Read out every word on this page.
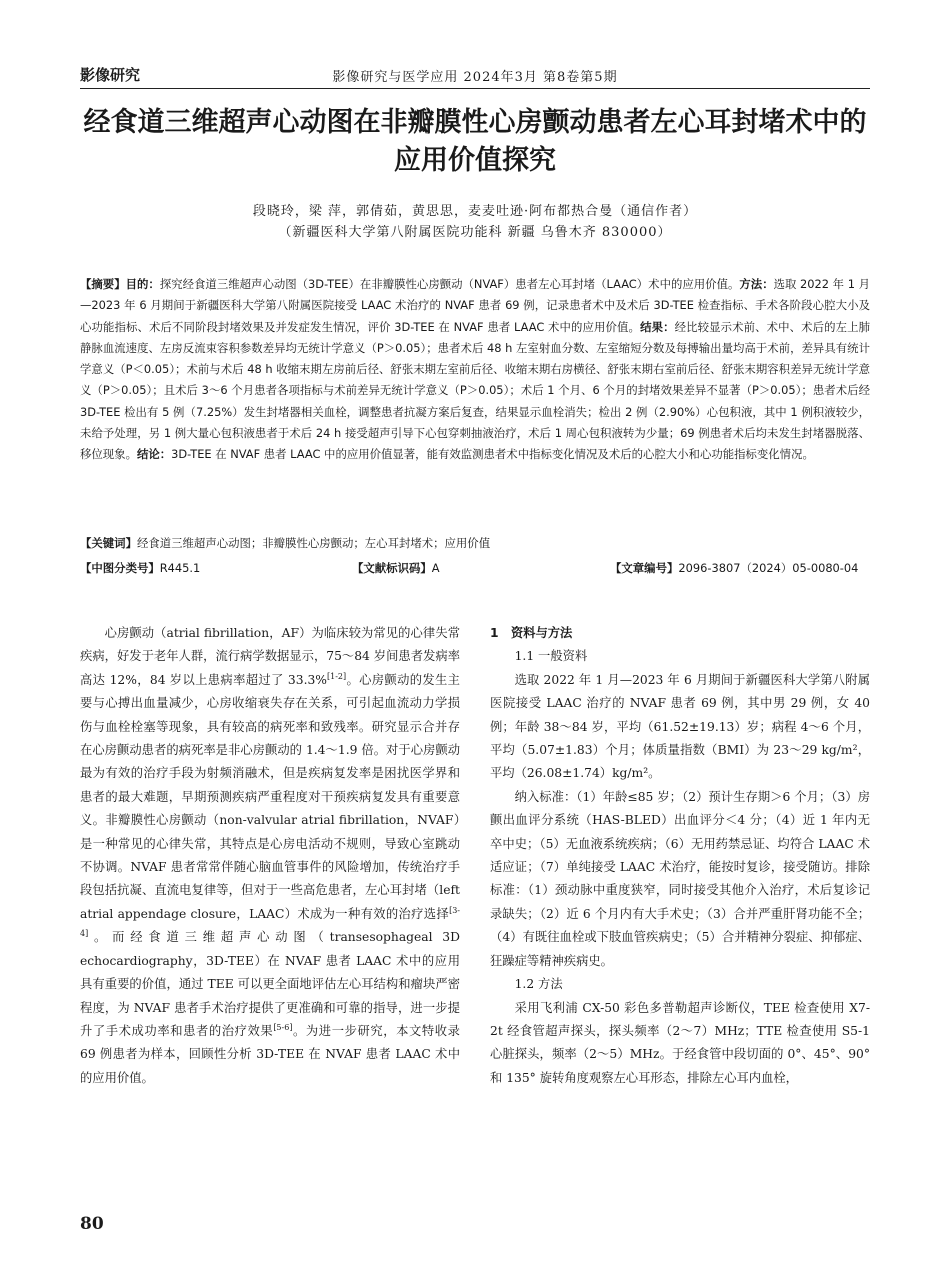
影像研究	影像研究与医学应用 2024年3月 第8卷第5期
经食道三维超声心动图在非瓣膜性心房颤动患者左心耳封堵术中的应用价值探究
段晓玲，梁 萍，郭倩茹，黄思思，麦麦吐逊·阿布都热合曼（通信作者）
（新疆医科大学第八附属医院功能科 新疆 乌鲁木齐 830000）

【摘要】目的：探究经食道三维超声心动图（3D-TEE）在非瓣膜性心房颤动（NVAF）患者左心耳封堵（LAAC）术中的应用价值。方法：选取 2022 年 1 月—2023 年 6 月期间于新疆医科大学第八附属医院接受 LAAC 术治疗的 NVAF 患者 69 例，记录患者术中及术后 3D-TEE 检查指标、手术各阶段心腔大小及心功能指标、术后不同阶段封堵效果及并发症发生情况，评价 3D-TEE 在 NVAF 患者 LAAC 术中的应用价值。结果：经比较显示术前、术中、术后的左上肺静脉血流速度、左房反流束容积参数差异均无统计学意义（P＞0.05）；患者术后 48 h 左室射血分数、左室缩短分数及每搏输出量均高于术前，差异具有统计学意义（P＜0.05）；术前与术后 48 h 收缩末期左房前后径、舒张末期左室前后径、收缩末期右房横径、舒张末期右室前后径、舒张末期容积差异无统计学意义（P＞0.05）；且术后 3～6 个月患者各项指标与术前差异无统计学意义（P＞0.05）；术后 1 个月、6 个月的封堵效果差异不显著（P＞0.05）；患者术后经 3D-TEE 检出有 5 例（7.25%）发生封堵器相关血栓，调整患者抗凝方案后复查，结果显示血栓消失；检出 2 例（2.90%）心包积液，其中 1 例积液较少，未给予处理，另 1 例大量心包积液患者于术后 24 h 接受超声引导下心包穿刺抽液治疗，术后 1 周心包积液转为少量；69 例患者术后均未发生封堵器脱落、移位现象。结论：3D-TEE 在 NVAF 患者 LAAC 中的应用价值显著，能有效监测患者术中指标变化情况及术后的心腔大小和心功能指标变化情况。

【关键词】经食道三维超声心动图；非瓣膜性心房颤动；左心耳封堵术；应用价值
【中图分类号】R445.1	【文献标识码】A	【文章编号】2096-3807（2024）05-0080-04

心房颤动（atrial fibrillation，AF）为临床较为常见的心律失常疾病，好发于老年人群，流行病学数据显示，75～84 岁间患者发病率高达 12%，84 岁以上患病率超过了 33.3%[1-2]。心房颤动的发生主要与心搏出血量减少，心房收缩衰失存在关系，可引起血流动力学损伤与血栓栓塞等现象，具有较高的病死率和致残率。研究显示合并存在心房颤动患者的病死率是非心房颤动的 1.4～1.9 倍。对于心房颤动最为有效的治疗手段为射频消融术，但是疾病复发率是困扰医学界和患者的最大难题，早期预测疾病严重程度对干预疾病复发具有重要意义。非瓣膜性心房颤动（non-valvular atrial fibrillation，NVAF）是一种常见的心律失常，其特点是心房电活动不规则，导致心室跳动不协调。NVAF 患者常常伴随心脑血管事件的风险增加，传统治疗手段包括抗凝、直流电复律等，但对于一些高危患者，左心耳封堵（left atrial appendage closure，LAAC）术成为一种有效的治疗选择[3-4]。而经食道三维超声心动图（transesophageal 3D echocardiography，3D-TEE）在 NVAF 患者 LAAC 术中的应用具有重要的价值，通过 TEE 可以更全面地评估左心耳结构和瘤块严密程度，为 NVAF 患者手术治疗提供了更准确和可靠的指导，进一步提升了手术成功率和患者的治疗效果[5-6]。为进一步研究，本文特收录 69 例患者为样本，回顾性分析 3D-TEE 在 NVAF 患者 LAAC 术中的应用价值。

1　资料与方法

1.1 一般资料

选取 2022 年 1 月—2023 年 6 月期间于新疆医科大学第八附属医院接受 LAAC 治疗的 NVAF 患者 69 例，其中男 29 例，女 40 例；年龄 38～84 岁，平均（61.52±19.13）岁；病程 4～6 个月，平均（5.07±1.83）个月；体质量指数（BMI）为 23～29 kg/m²，平均（26.08±1.74）kg/m²。

纳入标准：（1）年龄≤85 岁；（2）预计生存期＞6 个月；（3）房颤出血评分系统（HAS-BLED）出血评分＜4 分；（4）近 1 年内无卒中史；（5）无血液系统疾病；（6）无用药禁忌证、均符合 LAAC 术适应证；（7）单纯接受 LAAC 术治疗，能按时复诊，接受随访。排除标准：（1）颈动脉中重度狭窄，同时接受其他介入治疗，术后复诊记录缺失；（2）近 6 个月内有大手术史；（3）合并严重肝肾功能不全；（4）有既往血栓或下肢血管疾病史；（5）合并精神分裂症、抑郁症、狂躁症等精神疾病史。

1.2 方法

采用飞利浦 CX-50 彩色多普勒超声诊断仪，TEE 检查使用 X7-2t 经食管超声探头，探头频率（2～7）MHz；TTE 检查使用 S5-1 心脏探头，频率（2～5）MHz。于经食管中段切面的 0°、45°、90° 和 135° 旋转角度观察左心耳形态，排除左心耳内血栓，

80
